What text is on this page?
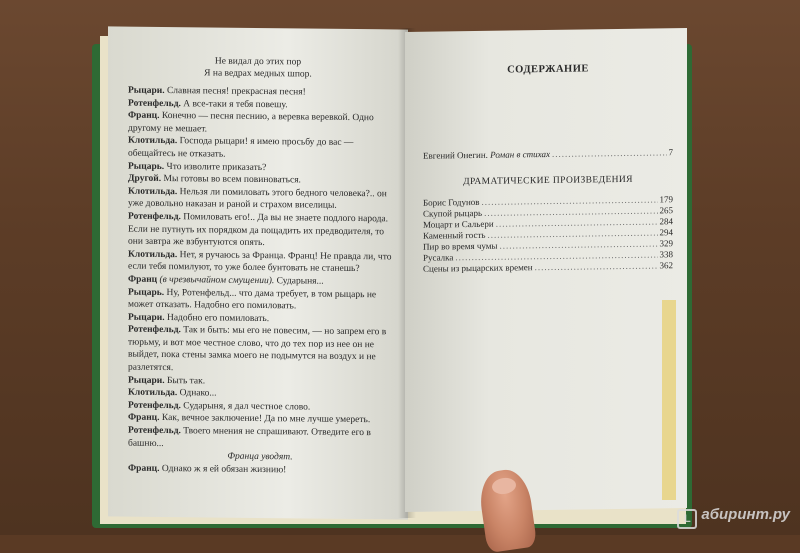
Не видал до этих пор
Я на ведрах медных шпор.

Рыцари. Славная песня! прекрасная песня!

Ротенфельд. А все-таки я тебя повешу.

Франц. Конечно — песня песнию, а веревка веревкой. Одно другому не мешает.

Клотильда. Господа рыцари! я имею просьбу до вас — обещайтесь не отказать.

Рыцарь. Что изволите приказать?

Другой. Мы готовы во всем повиноваться.

Клотильда. Нельзя ли помиловать этого бедного человека?.. он уже довольно наказан и раной и страхом виселицы.

Ротенфельд. Помиловать его!.. Да вы не знаете подлого народа. Если не путнуть их порядком да пощадить их предводителя, то они завтра же взбунтуются опять.

Клотильда. Нет, я ручаюсь за Франца. Франц! Не правда ли, что если тебя помилуют, то уже более бунтовать не станешь?

Франц (в чрезвычайном смущении). Сударыня...

Рыцарь. Ну, Ротенфельд... что дама требует, в том рыцарь не может отказать. Надобно его помиловать.

Рыцари. Надобно его помиловать.

Ротенфельд. Так и быть: мы его не повесим, — но запрем его в тюрьму, и вот мое честное слово, что до тех пор из нее он не выйдет, пока стены замка моего не подымутся на воздух и не разлетятся.

Рыцари. Быть так.

Клотильда. Однако...

Ротенфельд. Сударыня, я дал честное слово.

Франц. Как, вечное заключение! Да по мне лучше умереть.

Ротенфельд. Твоего мнения не спрашивают. Отведите его в башню...

Франца уводят.

Франц. Однако ж я ей обязан жизнию!

СОДЕРЖАНИЕ
Евгений Онегин. Роман в стихах .....	7
ДРАМАТИЧЕСКИЕ ПРОИЗВЕДЕНИЯ
Борис Годунов .....	179
Скупой рыцарь .....	265
Моцарт и Сальери .....	284
Каменный гость .....	294
Пир во время чумы .....	329
Русалка .....	338
Сцены из рыцарских времен .....	362
L абиринт.ру
